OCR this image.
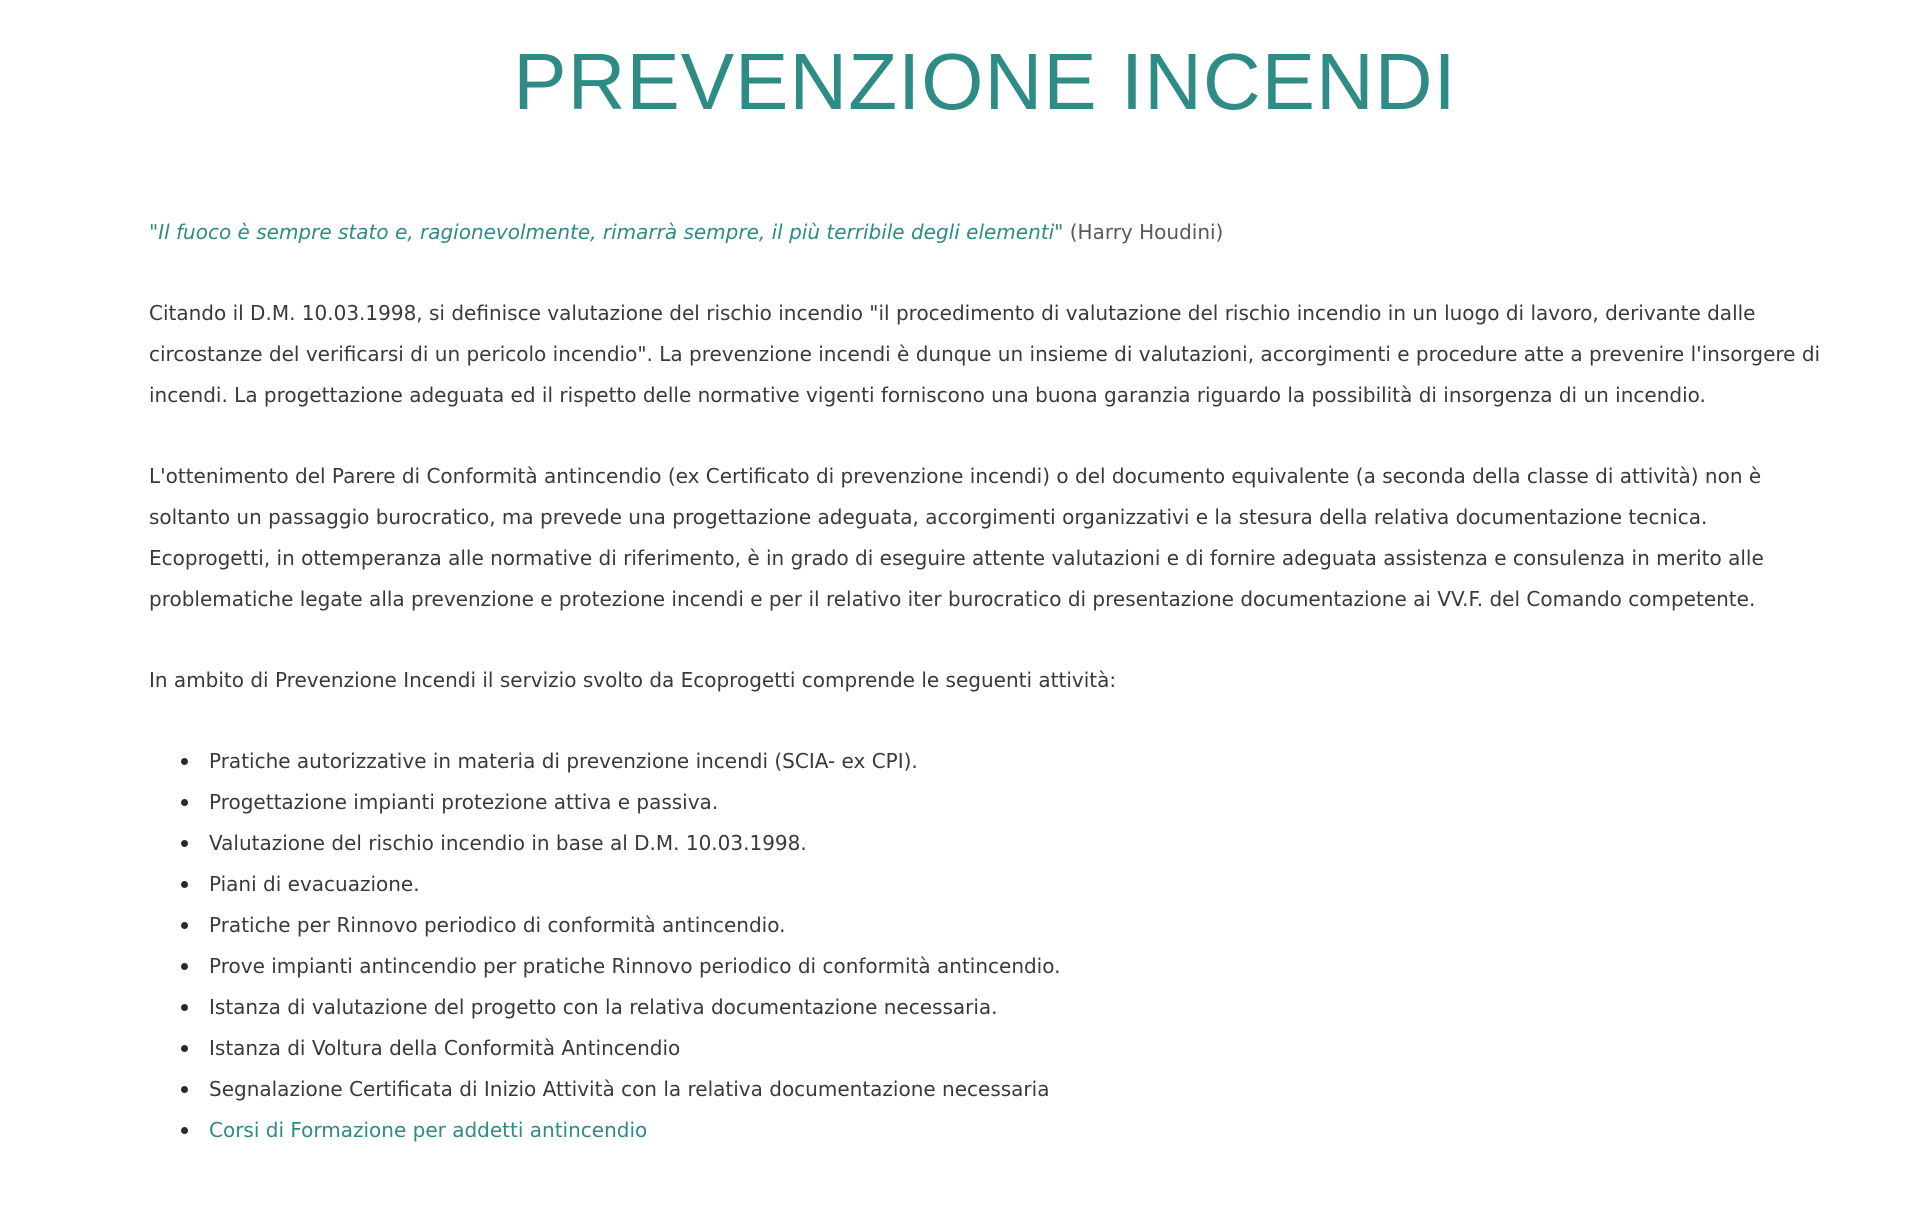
PREVENZIONE INCENDI

"Il fuoco è sempre stato e, ragionevolmente, rimarrà sempre, il più terribile degli elementi" (Harry Houdini)

Citando il D.M. 10.03.1998, si definisce valutazione del rischio incendio "il procedimento di valutazione del rischio incendio in un luogo di lavoro, derivante dalle circostanze del verificarsi di un pericolo incendio". La prevenzione incendi è dunque un insieme di valutazioni, accorgimenti e procedure atte a prevenire l'insorgere di incendi. La progettazione adeguata ed il rispetto delle normative vigenti forniscono una buona garanzia riguardo la possibilità di insorgenza di un incendio.

L'ottenimento del Parere di Conformità antincendio (ex Certificato di prevenzione incendi) o del documento equivalente (a seconda della classe di attività) non è soltanto un passaggio burocratico, ma prevede una progettazione adeguata, accorgimenti organizzativi e la stesura della relativa documentazione tecnica. Ecoprogetti, in ottemperanza alle normative di riferimento, è in grado di eseguire attente valutazioni e di fornire adeguata assistenza e consulenza in merito alle problematiche legate alla prevenzione e protezione incendi e per il relativo iter burocratico di presentazione documentazione ai VV.F. del Comando competente.

In ambito di Prevenzione Incendi il servizio svolto da Ecoprogetti comprende le seguenti attività:

Pratiche autorizzative in materia di prevenzione incendi (SCIA- ex CPI).
Progettazione impianti protezione attiva e passiva.
Valutazione del rischio incendio in base al D.M. 10.03.1998.
Piani di evacuazione.
Pratiche per Rinnovo periodico di conformità antincendio.
Prove impianti antincendio per pratiche Rinnovo periodico di conformità antincendio.
Istanza di valutazione del progetto con la relativa documentazione necessaria.
Istanza di Voltura della Conformità Antincendio
Segnalazione Certificata di Inizio Attività con la relativa documentazione necessaria
Corsi di Formazione per addetti antincendio
